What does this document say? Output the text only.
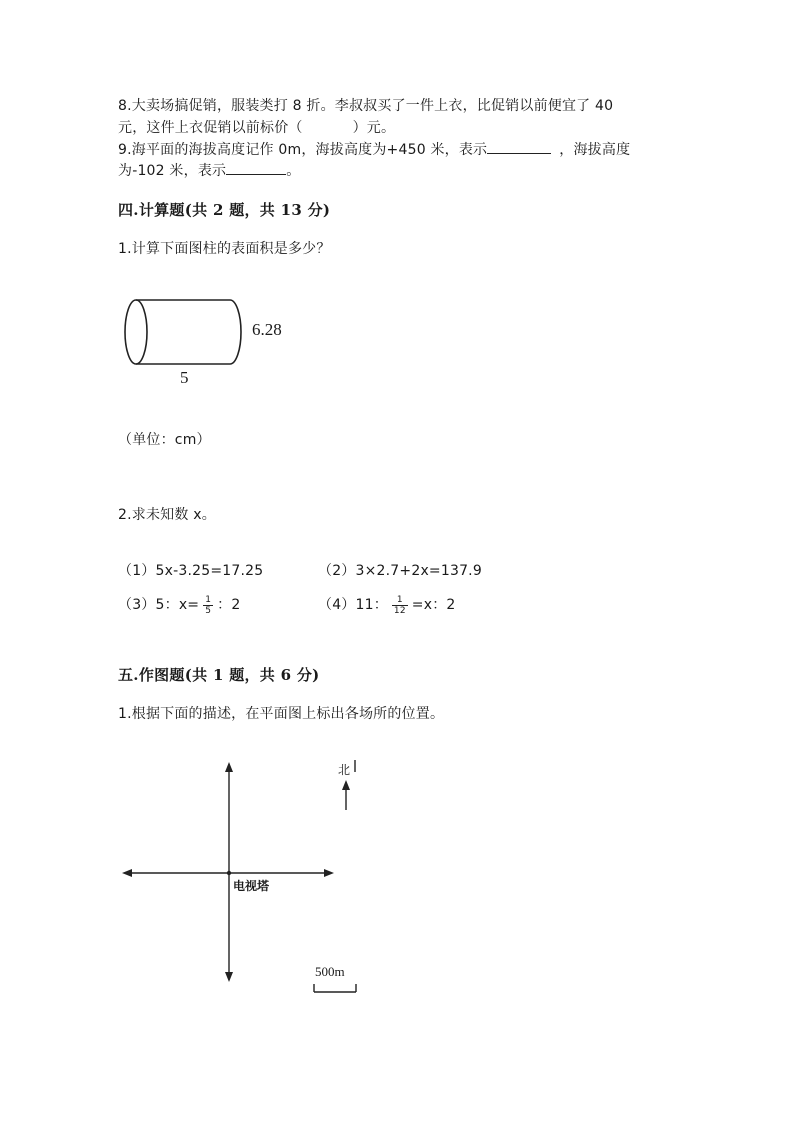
8.大卖场搞促销，服装类打 8 折。李叔叔买了一件上衣，比促销以前便宜了 40
元，这件上衣促销以前标价（	）元。
9.海平面的海拔高度记作 0m，海拔高度为+450 米，表示	，海拔高度
为-102 米，表示	。
四.计算题(共 2 题，共 13 分)
1.计算下面图柱的表面积是多少？
6.28
5
（单位：cm）
2.求未知数 x。
（1）5x-3.25=17.25	（2）3×2.7+2x=137.9
（3）5：$x= \frac{1}{5}$ ：2	（4）11： $\frac{1}{12} =x$：2
五.作图题(共 1 题，共 6 分)
1.根据下面的描述，在平面图上标出各场所的位置。
北
电视塔
500m
